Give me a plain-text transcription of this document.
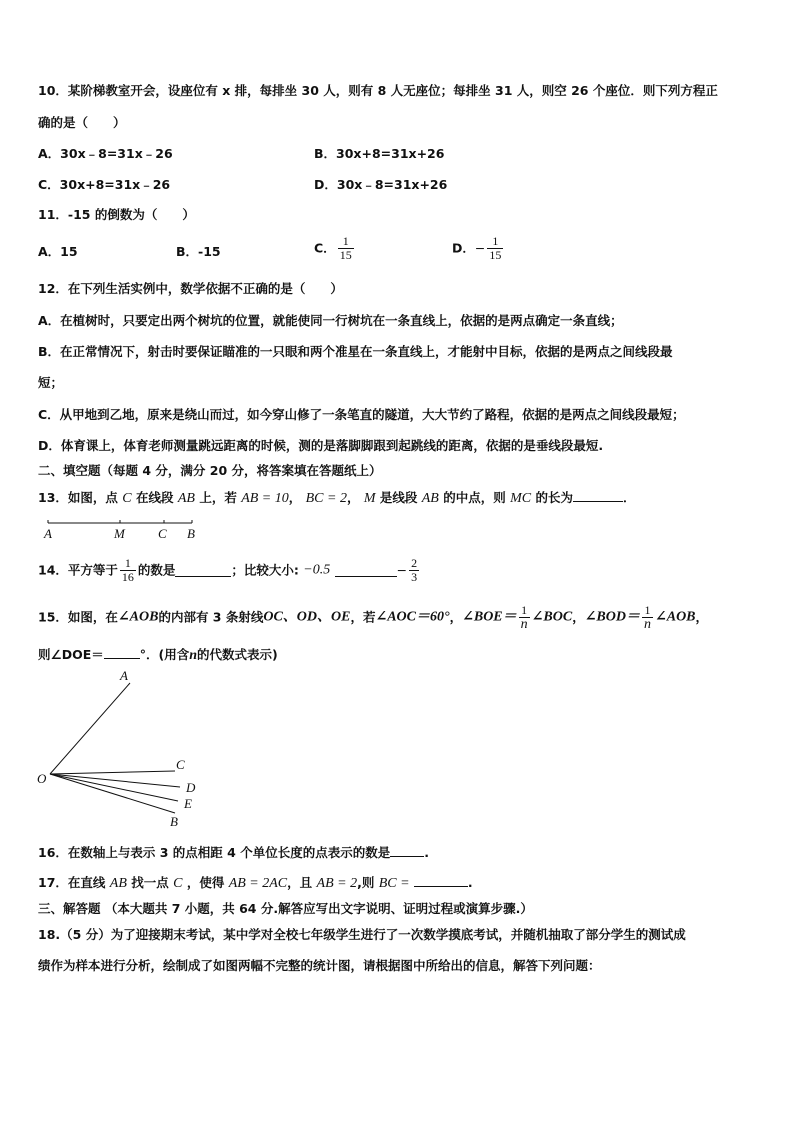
10．某阶梯教室开会，设座位有 x 排，每排坐 30 人，则有 8 人无座位；每排坐 31 人，则空 26 个座位．则下列方程正
确的是（　　）
A．30x﹣8=31x﹣26	B．30x+8=31x+26
C．30x+8=31x﹣26	D．30x﹣8=31x+26
11．-15 的倒数为（　　）
A．15	B．-15	C． $\frac{1}{15}$	D．− $\frac{1}{15}$
12．在下列生活实例中，数学依据不正确的是（　　）
A．在植树时，只要定出两个树坑的位置，就能使同一行树坑在一条直线上，依据的是两点确定一条直线；
B．在正常情况下，射击时要保证瞄准的一只眼和两个准星在一条直线上，才能射中目标，依据的是两点之间线段最
短；
C．从甲地到乙地，原来是绕山而过，如今穿山修了一条笔直的隧道，大大节约了路程，依据的是两点之间线段最短；
D．体育课上，体育老师测量跳远距离的时候，测的是落脚脚跟到起跳线的距离，依据的是垂线段最短.
二、填空题（每题 4 分，满分 20 分，将答案填在答题纸上）
13．如图，点 C 在线段 AB 上，若 AB = 10， BC = 2， M 是线段 AB 的中点，则 MC 的长为	．
A	M	C B
14．平方等于 $\frac{1}{16}$ 的数是	；比较大小: −0.5	− $\frac{2}{3}$
15．如图，在∠AOB的内部有 3 条射线OC、OD、OE，若∠AOC＝60°，∠BOE＝ $\frac{1}{n}$ ∠BOC，∠BOD＝ $\frac{1}{n}$ ∠AOB，
则∠DOE＝	°．(用含n的代数式表示)
A
C
O
D
E
B
16．在数轴上与表示 3 的点相距 4 个单位长度的点表示的数是	.
17．在直线 AB 找一点 C ，使得 AB = 2AC，且 AB = 2,则 BC =	.
三、解答题 （本大题共 7 小题，共 64 分.解答应写出文字说明、证明过程或演算步骤.）
18.（5 分）为了迎接期末考试，某中学对全校七年级学生进行了一次数学摸底考试，并随机抽取了部分学生的测试成
绩作为样本进行分析，绘制成了如图两幅不完整的统计图，请根据图中所给出的信息，解答下列问题：
